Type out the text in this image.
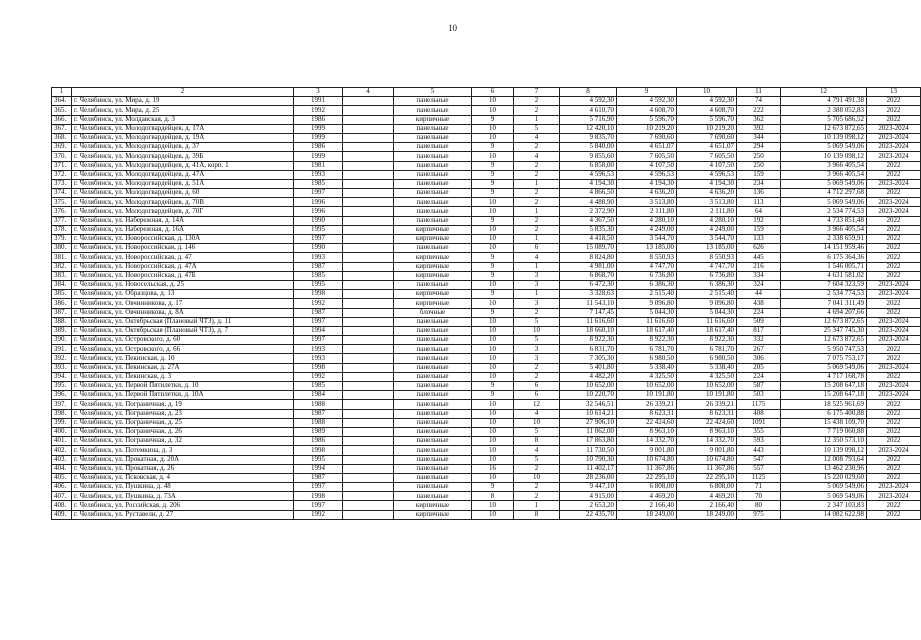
10
1	2	3	4	5	6	7	8	9	10	11	12	13
364.	г. Челябинск, ул. Мира, д. 19	1991		панельные	10	2	4 592,30	4 592,30	4 592,30	74	4 791 491,38	2022
365.	г. Челябинск, ул. Мира, д. 25	1992		панельные	10	2	4 610,70	4 608,70	4 608,70	222	2 388 052,83	2022
366.	г. Челябинск, ул. Молдавская, д. 3	1986		кирпичные	9	1	5 716,90	5 596,70	5 596,70	362	5 705 686,52	2022
367.	г. Челябинск, ул. Молодогвардейцев, д. 17А	1999		панельные	10	5	12 420,10	10 219,20	10 219,20	392	12 673 872,65	2023-2024
368.	г. Челябинск, ул. Молодогвардейцев, д. 19А	1999		панельные	10	4	9 835,70	7 690,60	7 690,60	344	10 139 098,12	2023-2024
369.	г. Челябинск, ул. Молодогвардейцев, д. 37	1986		панельные	9	2	5 840,00	4 651,07	4 651,07	294	5 069 549,06	2023-2024
370.	г. Челябинск, ул. Молодогвардейцев, д. 39Б	1999		панельные	10	4	9 855,60	7 605,50	7 605,50	250	10 139 098,12	2023-2024
371.	г. Челябинск, ул. Молодогвардейцев, д. 41А, корп. 1	1981		панельные	9	2	6 858,00	4 107,50	4 107,50	250	3 966 405,54	2022
372.	г. Челябинск, ул. Молодогвардейцев, д. 47А	1993		панельные	9	2	4 596,53	4 596,53	4 596,53	159	3 966 405,54	2022
373.	г. Челябинск, ул. Молодогвардейцев, д. 51А	1985		панельные	9	1	4 194,30	4 194,30	4 194,30	234	5 069 549,06	2023-2024
374.	г. Челябинск, ул. Молодогвардейцев, д. 60	1997		панельные	9	2	4 866,50	4 636,20	4 636,20	136	4 712 297,68	2022
375.	г. Челябинск, ул. Молодогвардейцев, д. 70В	1996		панельные	10	2	4 488,90	3 513,80	3 513,80	113	5 069 549,06	2023-2024
376.	г. Челябинск, ул. Молодогвардейцев, д. 70Г	1996		панельные	10	1	2 372,90	2 111,80	2 111,80	64	2 534 774,53	2023-2024
377.	г. Челябинск, ул. Набережная, д. 14А	1990		панельные	9	2	4 367,50	4 280,10	4 280,10	192	4 733 851,48	2022
378.	г. Челябинск, ул. Набережная, д. 16А	1995		кирпичные	10	2	5 835,30	4 249,00	4 249,00	159	3 966 405,54	2022
379.	г. Челябинск, ул. Новороссийская, д. 130А	1997		кирпичные	10	1	4 418,50	3 544,70	3 544,70	133	2 338 659,91	2022
380.	г. Челябинск, ул. Новороссийская, д. 146	1990		панельные	10	6	15 089,70	13 185,00	13 185,00	626	14 151 959,46	2022
381.	г. Челябинск, ул. Новороссийская, д. 47	1993		кирпичные	9	4	8 824,80	8 550,93	8 550,93	445	6 175 364,36	2022
382.	г. Челябинск, ул. Новороссийская, д. 47А	1987		кирпичные	9	1	4 981,00	4 747,70	4 747,70	216	1 546 005,71	2022
383.	г. Челябинск, ул. Новороссийская, д. 47Б	1985		кирпичные	9	3	6 868,70	6 736,80	6 736,80	334	4 631 581,02	2022
384.	г. Челябинск, ул. Новосельская, д. 25	1995		панельные	10	3	6 472,30	6 386,30	6 386,30	324	7 604 323,59	2023-2024
385.	г. Челябинск, ул. Образцова, д. 13	1998		кирпичные	9	1	3 328,63	2 515,40	2 515,40	44	2 534 774,53	2023-2024
386.	г. Челябинск, ул. Овчинникова, д. 17	1992		кирпичные	10	3	11 543,10	9 096,80	9 096,80	438	7 041 311,49	2022
387.	г. Челябинск, ул. Овчинникова, д. 8А	1987		блочные	9	2	7 147,45	5 044,30	5 044,30	224	4 694 207,66	2022
388.	г. Челябинск, ул. Октябрьская (Плановый ЧТЗ), д. 11	1997		панельные	10	5	11 616,60	11 616,60	11 616,60	509	12 673 872,65	2023-2024
389.	г. Челябинск, ул. Октябрьская (Плановый ЧТЗ), д. 7	1994		панельные	10	10	18 660,10	18 617,40	18 617,40	817	25 347 745,30	2023-2024
390.	г. Челябинск, ул. Островского, д. 60	1997		панельные	10	5	8 922,30	8 922,30	8 922,30	332	12 673 872,65	2023-2024
391.	г. Челябинск, ул. Островского, д. 66	1993		панельные	10	3	6 831,70	6 781,70	6 781,70	267	5 950 747,53	2022
392.	г. Челябинск, ул. Пекинская, д. 10	1993		панельные	10	3	7 305,30	6 980,50	6 980,50	306	7 075 753,17	2022
393.	г. Челябинск, ул. Пекинская, д. 27А	1998		панельные	10	2	5 401,80	5 338,40	5 338,40	205	5 069 549,06	2023-2024
394.	г. Челябинск, ул. Пекинская, д. 3	1992		панельные	10	2	4 482,20	4 325,50	4 325,50	224	4 717 168,78	2022
395.	г. Челябинск, ул. Первой Пятилетки, д. 10	1985		панельные	9	6	10 652,00	10 652,00	10 652,00	587	15 208 647,18	2023-2024
396.	г. Челябинск, ул. Первой Пятилетки, д. 10А	1984		панельные	9	6	10 220,70	10 191,80	10 191,80	503	15 208 647,18	2023-2024
397.	г. Челябинск, ул. Пограничная, д. 19	1988		панельные	10	12	32 546,51	26 339,21	26 339,21	1175	18 525 961,69	2022
398.	г. Челябинск, ул. Пограничная, д. 23	1987		панельные	10	4	10 614,21	8 623,31	8 623,31	408	6 175 400,88	2022
399.	г. Челябинск, ул. Пограничная, д. 25	1988		панельные	10	10	27 906,10	22 424,60	22 424,60	1091	15 438 109,70	2022
400.	г. Челябинск, ул. Пограничная, д. 26	1989		панельные	10	5	11 062,00	8 963,10	8 963,10	355	7 719 060,88	2022
401.	г. Челябинск, ул. Пограничная, д. 32	1986		панельные	10	8	17 863,80	14 332,70	14 332,70	593	12 350 573,10	2022
402.	г. Челябинск, ул. Потемкина, д. 3	1998		панельные	10	4	11 730,50	9 001,80	9 001,80	443	10 139 098,12	2023-2024
403.	г. Челябинск, ул. Прокатная, д. 20А	1995		панельные	10	5	10 790,30	10 674,80	10 674,80	547	12 008 793,64	2022
404.	г. Челябинск, ул. Прокатная, д. 26	1994		панельные	16	2	11 402,17	11 367,86	11 367,86	557	13 462 230,96	2022
405.	г. Челябинск, ул. Псковская, д. 4	1987		панельные	10	10	28 236,00	22 295,10	22 295,10	1125	15 220 029,60	2022
406.	г. Челябинск, ул. Пушкина, д. 48	1997		панельные	9	2	9 447,10	6 808,00	6 808,00	71	5 069 549,06	2023-2024
407.	г. Челябинск, ул. Пушкина, д. 73А	1998		панельные	8	2	4 915,00	4 469,20	4 469,20	70	5 069 549,06	2023-2024
408.	г. Челябинск, ул. Российская, д. 206	1997		кирпичные	10	1	2 653,20	2 166,40	2 166,40	80	2 347 103,83	2022
409.	г. Челябинск, ул. Руставели, д. 27	1992		кирпичные	10	8	22 435,70	18 249,00	18 249,00	975	14 082 622,98	2022
